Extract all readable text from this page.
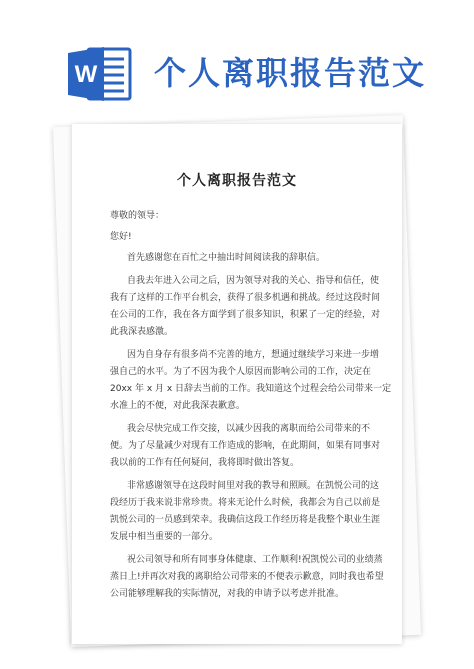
W 个人离职报告范文
个人离职报告范文
尊敬的领导：
您好!
首先感谢您在百忙之中抽出时间阅读我的辞职信。
自我去年进入公司之后，因为领导对我的关心、指导和信任，使
我有了这样的工作平台机会，获得了很多机遇和挑战。经过这段时间
在公司的工作，我在各方面学到了很多知识，积累了一定的经验，对
此我深表感激。
因为自身存有很多尚不完善的地方，想通过继续学习来进一步增
强自己的水平。为了不因为我个人原因而影响公司的工作，决定在
20xx 年 x 月 x 日辞去当前的工作。我知道这个过程会给公司带来一定
水准上的不便，对此我深表歉意。
我会尽快完成工作交接，以减少因我的离职而给公司带来的不
便。为了尽量减少对现有工作造成的影响，在此期间，如果有同事对
我以前的工作有任何疑问，我将即时做出答复。
非常感谢领导在这段时间里对我的教导和照顾。在凯悦公司的这
段经历于我来说非常珍贵。将来无论什么时候，我都会为自己以前是
凯悦公司的一员感到荣幸。我确信这段工作经历将是我整个职业生涯
发展中相当重要的一部分。
祝公司领导和所有同事身体健康、工作顺利!祝凯悦公司的业绩蒸
蒸日上!并再次对我的离职给公司带来的不便表示歉意，同时我也希望
公司能够理解我的实际情况，对我的申请予以考虑并批准。
